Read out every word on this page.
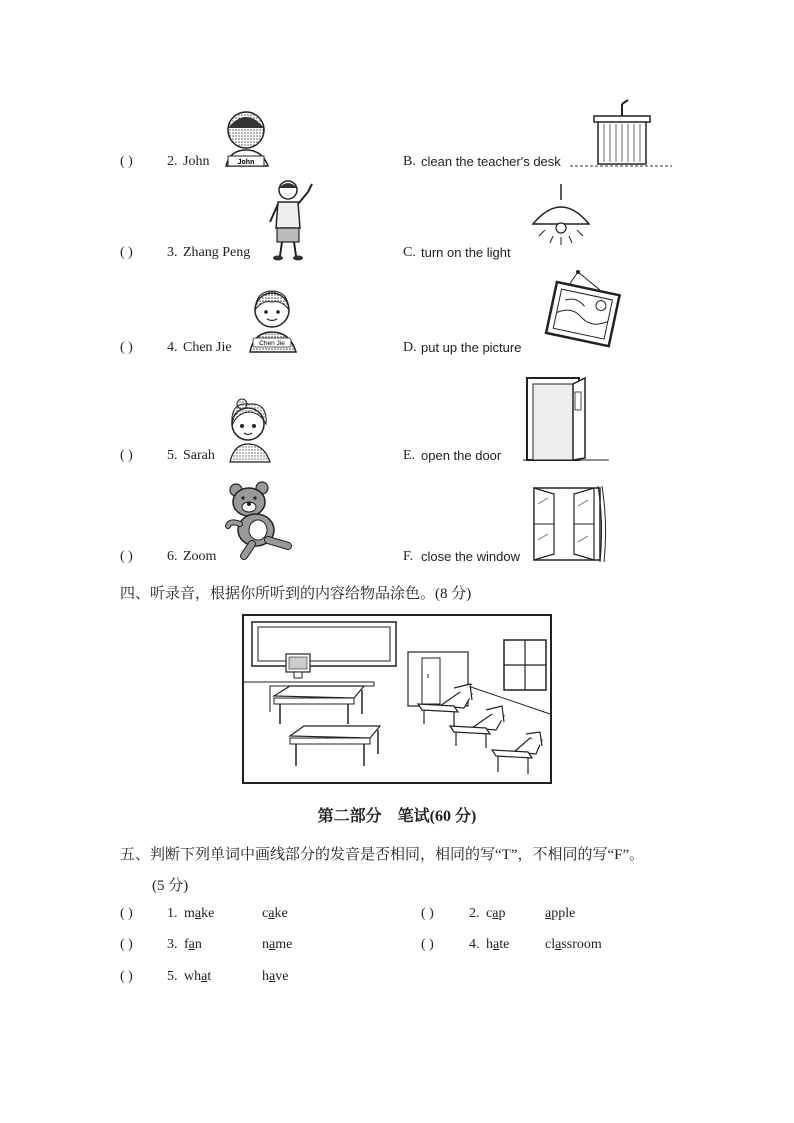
( ) 2. John	John	B. clean the teacher's desk
( ) 3. Zhang Peng	C. turn on the light
( ) 4. Chen Jie	Chen Jie	D. put up the picture
( ) 5. Sarah	E. open the door
( ) 6. Zoom	F. close the window
四、听录音，根据你所听到的内容给物品涂色。(8 分)
第二部分　笔试(60 分)
五、判断下列单词中画线部分的发音是否相同，相同的写“T”，不相同的写“F”。
(5 分)
( ) 1. make	cake	( )	2. cap	apple
( ) 3. fan	name	( )	4. hate	classroom
( ) 5. what	have
